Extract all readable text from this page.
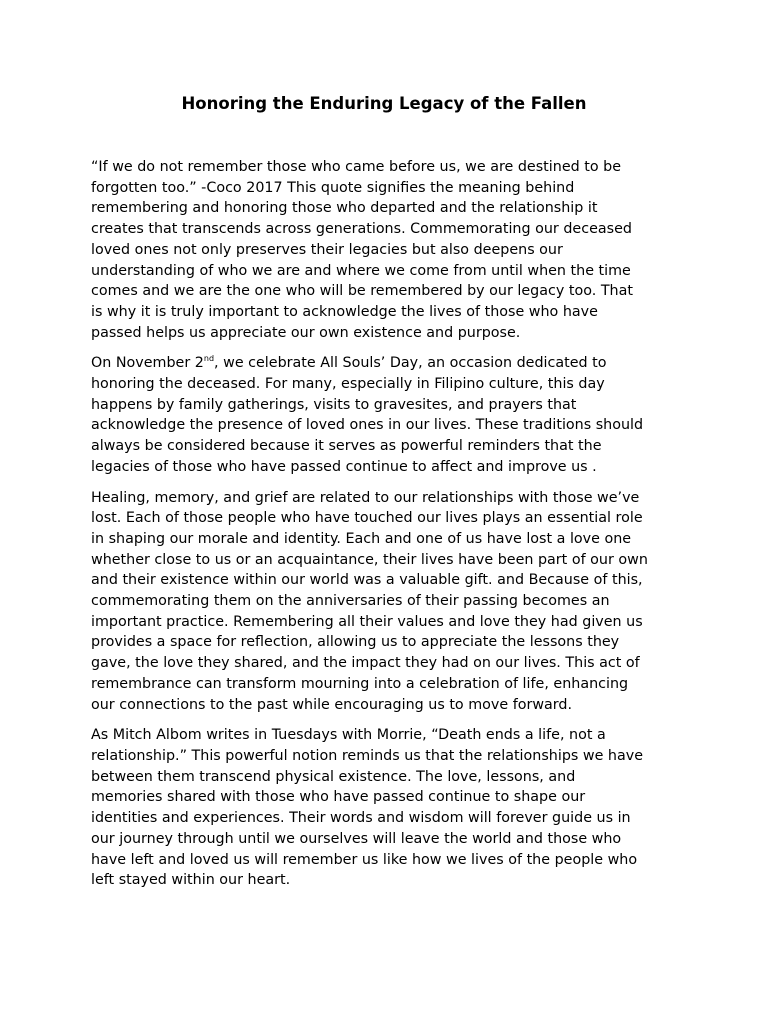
Honoring the Enduring Legacy of the Fallen

“If we do not remember those who came before us, we are destined to be
forgotten too.” -Coco 2017 This quote signifies the meaning behind
remembering and honoring those who departed and the relationship it
creates that transcends across generations. Commemorating our deceased
loved ones not only preserves their legacies but also deepens our
understanding of who we are and where we come from until when the time
comes and we are the one who will be remembered by our legacy too. That
is why it is truly important to acknowledge the lives of those who have
passed helps us appreciate our own existence and purpose.

On November 2nd, we celebrate All Souls’ Day, an occasion dedicated to
honoring the deceased. For many, especially in Filipino culture, this day
happens by family gatherings, visits to gravesites, and prayers that
acknowledge the presence of loved ones in our lives. These traditions should
always be considered because it serves as powerful reminders that the
legacies of those who have passed continue to affect and improve us .

Healing, memory, and grief are related to our relationships with those we’ve
lost. Each of those people who have touched our lives plays an essential role
in shaping our morale and identity. Each and one of us have lost a love one
whether close to us or an acquaintance, their lives have been part of our own
and their existence within our world was a valuable gift. and Because of this,
commemorating them on the anniversaries of their passing becomes an
important practice. Remembering all their values and love they had given us
provides a space for reflection, allowing us to appreciate the lessons they
gave, the love they shared, and the impact they had on our lives. This act of
remembrance can transform mourning into a celebration of life, enhancing
our connections to the past while encouraging us to move forward.

As Mitch Albom writes in Tuesdays with Morrie, “Death ends a life, not a
relationship.” This powerful notion reminds us that the relationships we have
between them transcend physical existence. The love, lessons, and
memories shared with those who have passed continue to shape our
identities and experiences. Their words and wisdom will forever guide us in
our journey through until we ourselves will leave the world and those who
have left and loved us will remember us like how we lives of the people who
left stayed within our heart.
